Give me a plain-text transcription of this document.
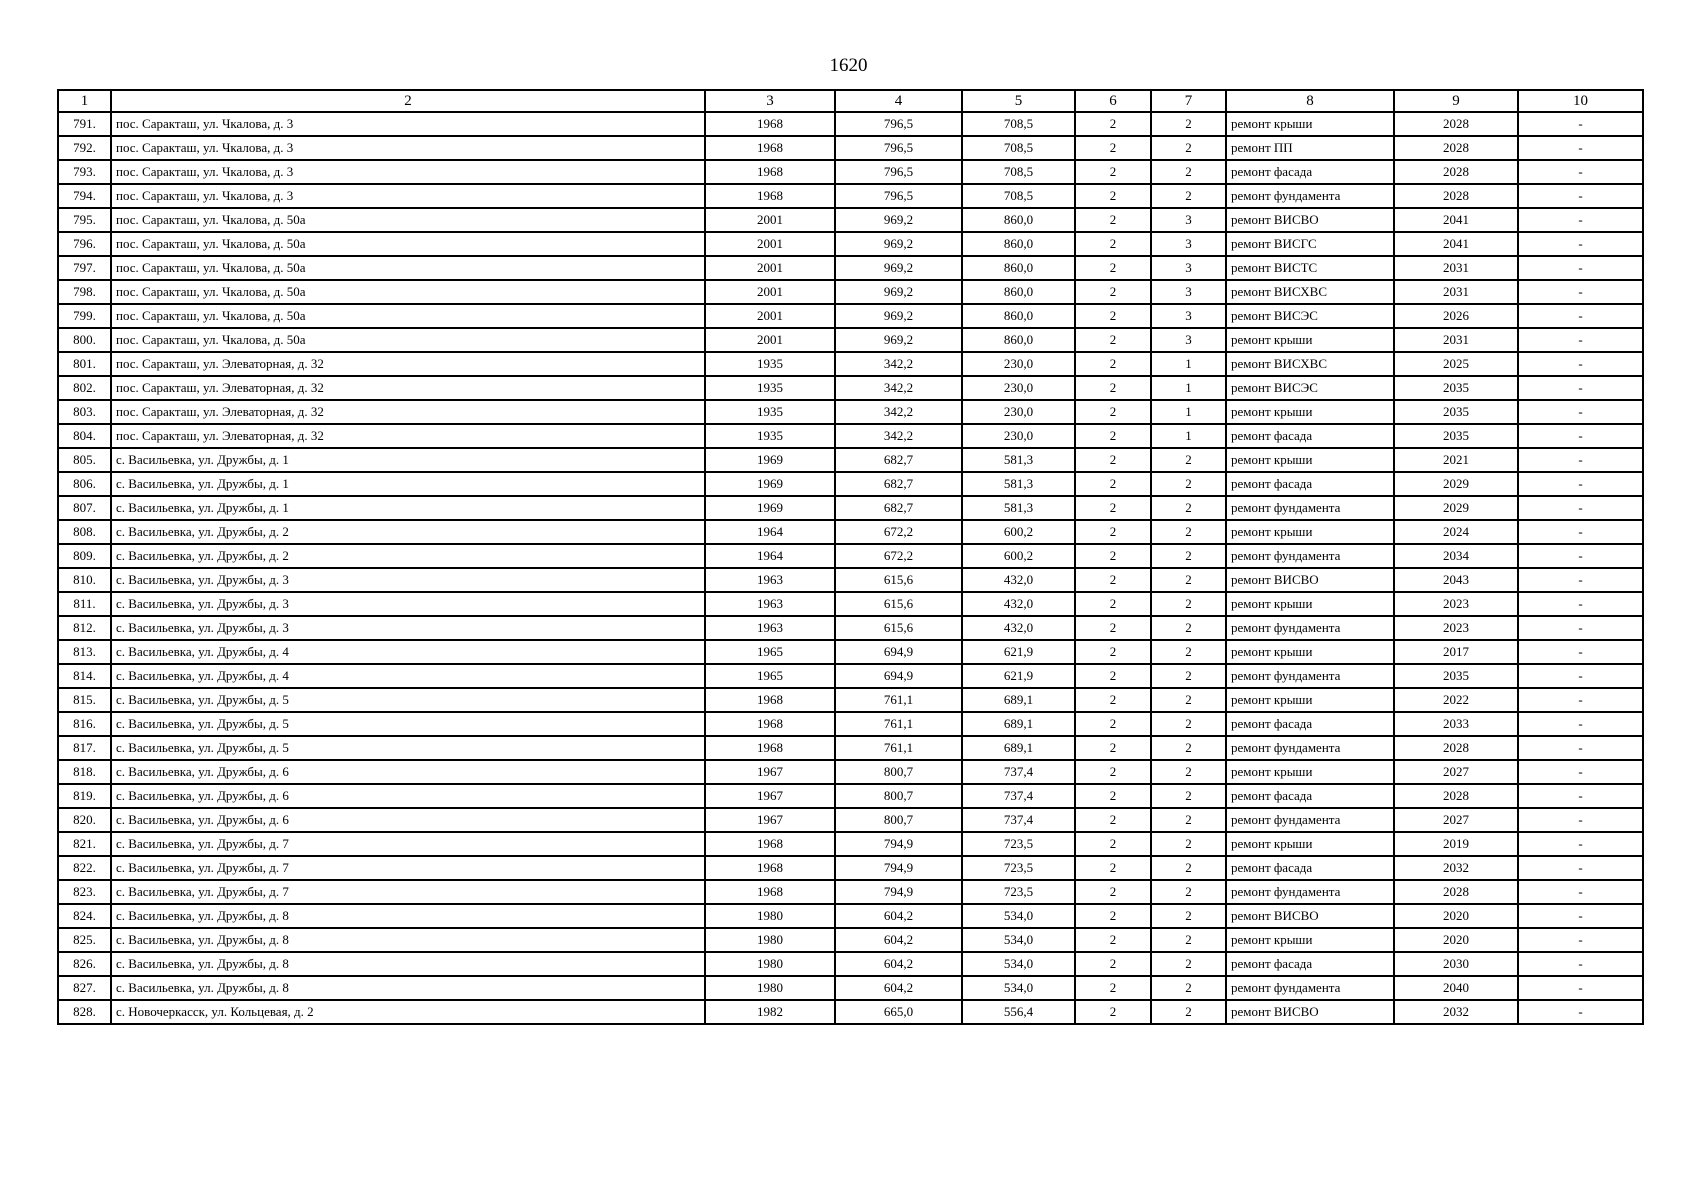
1620
1	2	3	4	5	6	7	8	9	10
791.	пос. Саракташ, ул. Чкалова, д. 3	1968	796,5	708,5	2	2	ремонт крыши	2028	-
792.	пос. Саракташ, ул. Чкалова, д. 3	1968	796,5	708,5	2	2	ремонт ПП	2028	-
793.	пос. Саракташ, ул. Чкалова, д. 3	1968	796,5	708,5	2	2	ремонт фасада	2028	-
794.	пос. Саракташ, ул. Чкалова, д. 3	1968	796,5	708,5	2	2	ремонт фундамента	2028	-
795.	пос. Саракташ, ул. Чкалова, д. 50а	2001	969,2	860,0	2	3	ремонт ВИСВО	2041	-
796.	пос. Саракташ, ул. Чкалова, д. 50а	2001	969,2	860,0	2	3	ремонт ВИСГС	2041	-
797.	пос. Саракташ, ул. Чкалова, д. 50а	2001	969,2	860,0	2	3	ремонт ВИСТС	2031	-
798.	пос. Саракташ, ул. Чкалова, д. 50а	2001	969,2	860,0	2	3	ремонт ВИСХВС	2031	-
799.	пос. Саракташ, ул. Чкалова, д. 50а	2001	969,2	860,0	2	3	ремонт ВИСЭС	2026	-
800.	пос. Саракташ, ул. Чкалова, д. 50а	2001	969,2	860,0	2	3	ремонт крыши	2031	-
801.	пос. Саракташ, ул. Элеваторная, д. 32	1935	342,2	230,0	2	1	ремонт ВИСХВС	2025	-
802.	пос. Саракташ, ул. Элеваторная, д. 32	1935	342,2	230,0	2	1	ремонт ВИСЭС	2035	-
803.	пос. Саракташ, ул. Элеваторная, д. 32	1935	342,2	230,0	2	1	ремонт крыши	2035	-
804.	пос. Саракташ, ул. Элеваторная, д. 32	1935	342,2	230,0	2	1	ремонт фасада	2035	-
805.	с. Васильевка, ул. Дружбы, д. 1	1969	682,7	581,3	2	2	ремонт крыши	2021	-
806.	с. Васильевка, ул. Дружбы, д. 1	1969	682,7	581,3	2	2	ремонт фасада	2029	-
807.	с. Васильевка, ул. Дружбы, д. 1	1969	682,7	581,3	2	2	ремонт фундамента	2029	-
808.	с. Васильевка, ул. Дружбы, д. 2	1964	672,2	600,2	2	2	ремонт крыши	2024	-
809.	с. Васильевка, ул. Дружбы, д. 2	1964	672,2	600,2	2	2	ремонт фундамента	2034	-
810.	с. Васильевка, ул. Дружбы, д. 3	1963	615,6	432,0	2	2	ремонт ВИСВО	2043	-
811.	с. Васильевка, ул. Дружбы, д. 3	1963	615,6	432,0	2	2	ремонт крыши	2023	-
812.	с. Васильевка, ул. Дружбы, д. 3	1963	615,6	432,0	2	2	ремонт фундамента	2023	-
813.	с. Васильевка, ул. Дружбы, д. 4	1965	694,9	621,9	2	2	ремонт крыши	2017	-
814.	с. Васильевка, ул. Дружбы, д. 4	1965	694,9	621,9	2	2	ремонт фундамента	2035	-
815.	с. Васильевка, ул. Дружбы, д. 5	1968	761,1	689,1	2	2	ремонт крыши	2022	-
816.	с. Васильевка, ул. Дружбы, д. 5	1968	761,1	689,1	2	2	ремонт фасада	2033	-
817.	с. Васильевка, ул. Дружбы, д. 5	1968	761,1	689,1	2	2	ремонт фундамента	2028	-
818.	с. Васильевка, ул. Дружбы, д. 6	1967	800,7	737,4	2	2	ремонт крыши	2027	-
819.	с. Васильевка, ул. Дружбы, д. 6	1967	800,7	737,4	2	2	ремонт фасада	2028	-
820.	с. Васильевка, ул. Дружбы, д. 6	1967	800,7	737,4	2	2	ремонт фундамента	2027	-
821.	с. Васильевка, ул. Дружбы, д. 7	1968	794,9	723,5	2	2	ремонт крыши	2019	-
822.	с. Васильевка, ул. Дружбы, д. 7	1968	794,9	723,5	2	2	ремонт фасада	2032	-
823.	с. Васильевка, ул. Дружбы, д. 7	1968	794,9	723,5	2	2	ремонт фундамента	2028	-
824.	с. Васильевка, ул. Дружбы, д. 8	1980	604,2	534,0	2	2	ремонт ВИСВО	2020	-
825.	с. Васильевка, ул. Дружбы, д. 8	1980	604,2	534,0	2	2	ремонт крыши	2020	-
826.	с. Васильевка, ул. Дружбы, д. 8	1980	604,2	534,0	2	2	ремонт фасада	2030	-
827.	с. Васильевка, ул. Дружбы, д. 8	1980	604,2	534,0	2	2	ремонт фундамента	2040	-
828.	с. Новочеркасск, ул. Кольцевая, д. 2	1982	665,0	556,4	2	2	ремонт ВИСВО	2032	-
